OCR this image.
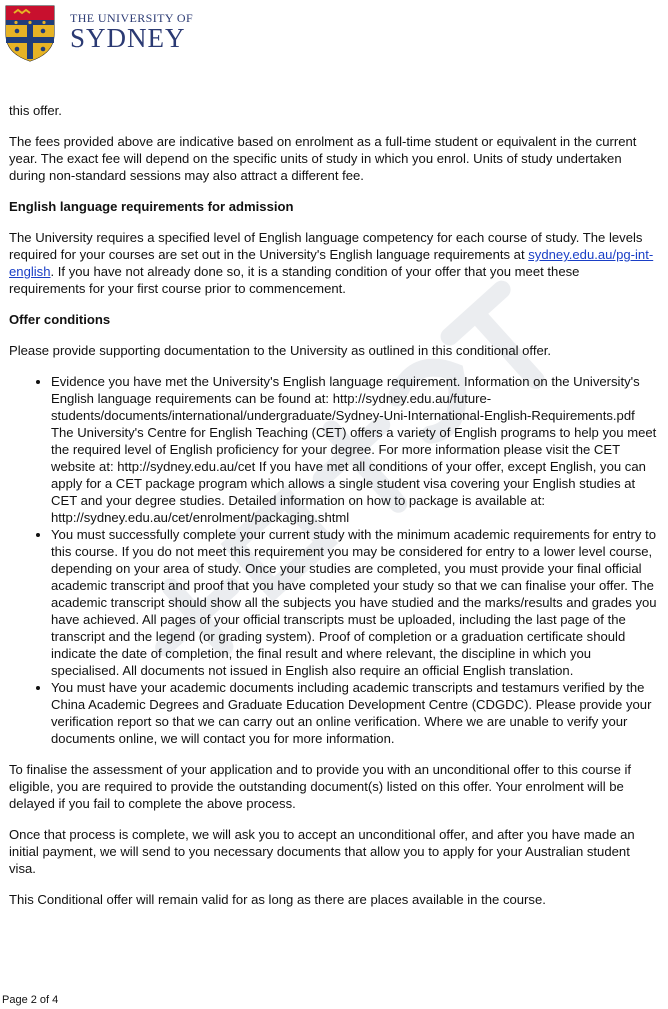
THE UNIVERSITY OF
SYDNEY

this offer.

The fees provided above are indicative based on enrolment as a full-time student or equivalent in the current year. The exact fee will depend on the specific units of study in which you enrol. Units of study undertaken during non-standard sessions may also attract a different fee.

English language requirements for admission

The University requires a specified level of English language competency for each course of study. The levels required for your courses are set out in the University's English language requirements at sydney.edu.au/pg-int-english. If you have not already done so, it is a standing condition of your offer that you meet these requirements for your first course prior to commencement.

Offer conditions

Please provide supporting documentation to the University as outlined in this conditional offer.

• Evidence you have met the University's English language requirement. Information on the University's English language requirements can be found at: http://sydney.edu.au/future-students/documents/international/undergraduate/Sydney-Uni-International-English-Requirements.pdf The University's Centre for English Teaching (CET) offers a variety of English programs to help you meet the required level of English proficiency for your degree. For more information please visit the CET website at: http://sydney.edu.au/cet If you have met all conditions of your offer, except English, you can apply for a CET package program which allows a single student visa covering your English studies at CET and your degree studies. Detailed information on how to package is available at: http://sydney.edu.au/cet/enrolment/packaging.shtml
• You must successfully complete your current study with the minimum academic requirements for entry to this course. If you do not meet this requirement you may be considered for entry to a lower level course, depending on your area of study. Once your studies are completed, you must provide your final official academic transcript and proof that you have completed your study so that we can finalise your offer. The academic transcript should show all the subjects you have studied and the marks/results and grades you have achieved. All pages of your official transcripts must be uploaded, including the last page of the transcript and the legend (or grading system). Proof of completion or a graduation certificate should indicate the date of completion, the final result and where relevant, the discipline in which you specialised. All documents not issued in English also require an official English translation.
• You must have your academic documents including academic transcripts and testamurs verified by the China Academic Degrees and Graduate Education Development Centre (CDGDC). Please provide your verification report so that we can carry out an online verification. Where we are unable to verify your documents online, we will contact you for more information.

To finalise the assessment of your application and to provide you with an unconditional offer to this course if eligible, you are required to provide the outstanding document(s) listed on this offer. Your enrolment will be delayed if you fail to complete the above process.

Once that process is complete, we will ask you to accept an unconditional offer, and after you have made an initial payment, we will send to you necessary documents that allow you to apply for your Australian student visa.

This Conditional offer will remain valid for as long as there are places available in the course.

Page 2 of 4
